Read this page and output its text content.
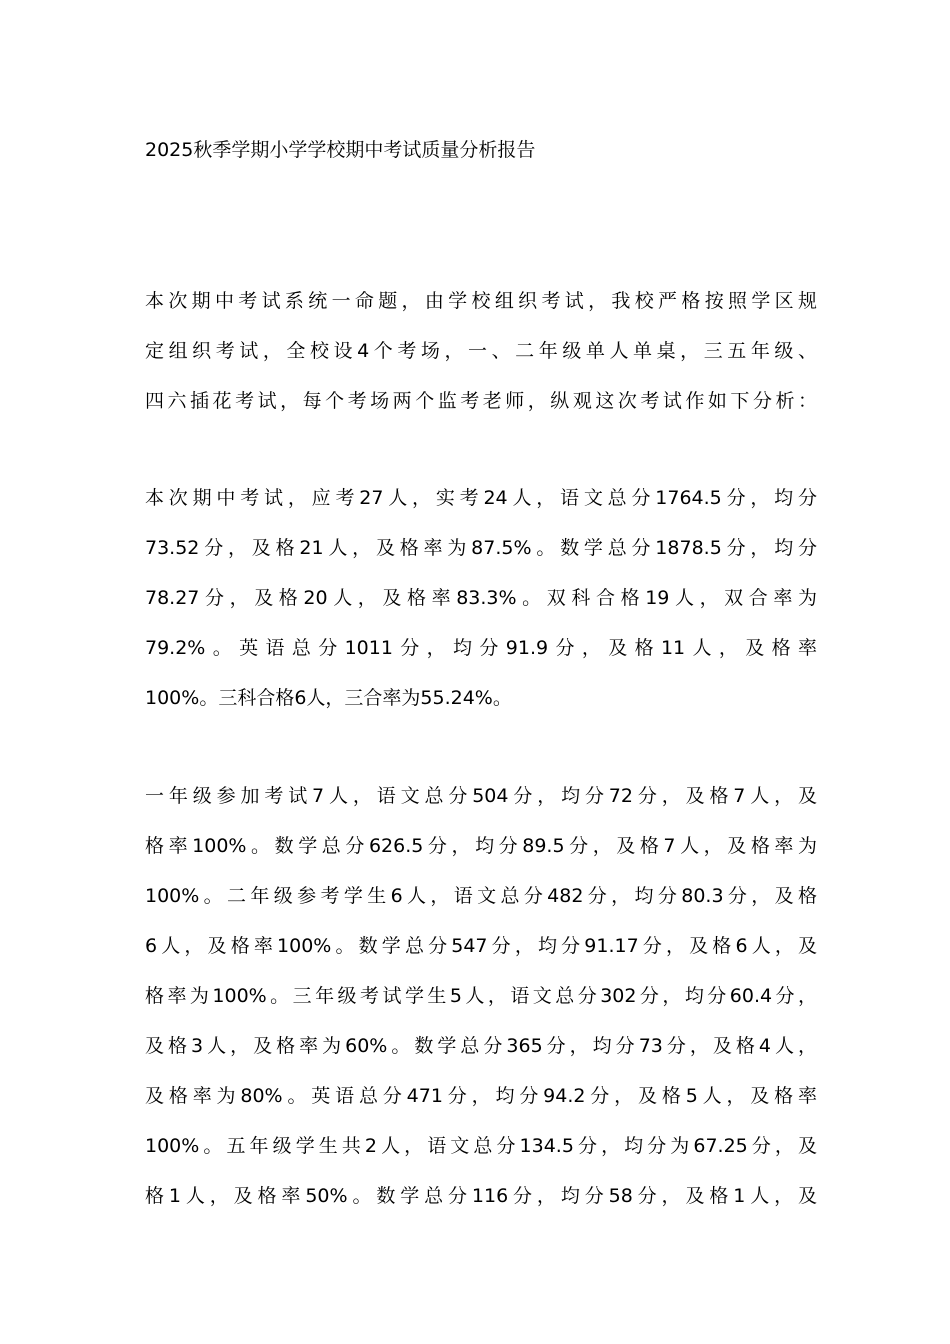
2025秋季学期小学学校期中考试质量分析报告
本次期中考试系统一命题，由学校组织考试，我校严格按照学区规
定组织考试，全校设4个考场，一、二年级单人单桌，三五年级、
四六插花考试，每个考场两个监考老师，纵观这次考试作如下分析：
本次期中考试，应考27人，实考24人，语文总分1764.5分，均分
73.52分，及格21人，及格率为87.5%。数学总分1878.5分，均分
78.27分，及格20人，及格率83.3%。双科合格19人，双合率为
79.2%。英语总分1011分，均分91.9分，及格11人，及格率
100%。三科合格6人，三合率为55.24%。
一年级参加考试7人，语文总分504分，均分72分，及格7人，及
格率100%。数学总分626.5分，均分89.5分，及格7人，及格率为
100%。二年级参考学生6人，语文总分482分，均分80.3分，及格
6人，及格率100%。数学总分547分，均分91.17分，及格6人，及
格率为100%。三年级考试学生5人，语文总分302分，均分60.4分，
及格3人，及格率为60%。数学总分365分，均分73分，及格4人，
及格率为80%。英语总分471分，均分94.2分，及格5人，及格率
100%。五年级学生共2人，语文总分134.5分，均分为67.25分，及
格1人，及格率50%。数学总分116分，均分58分，及格1人，及
